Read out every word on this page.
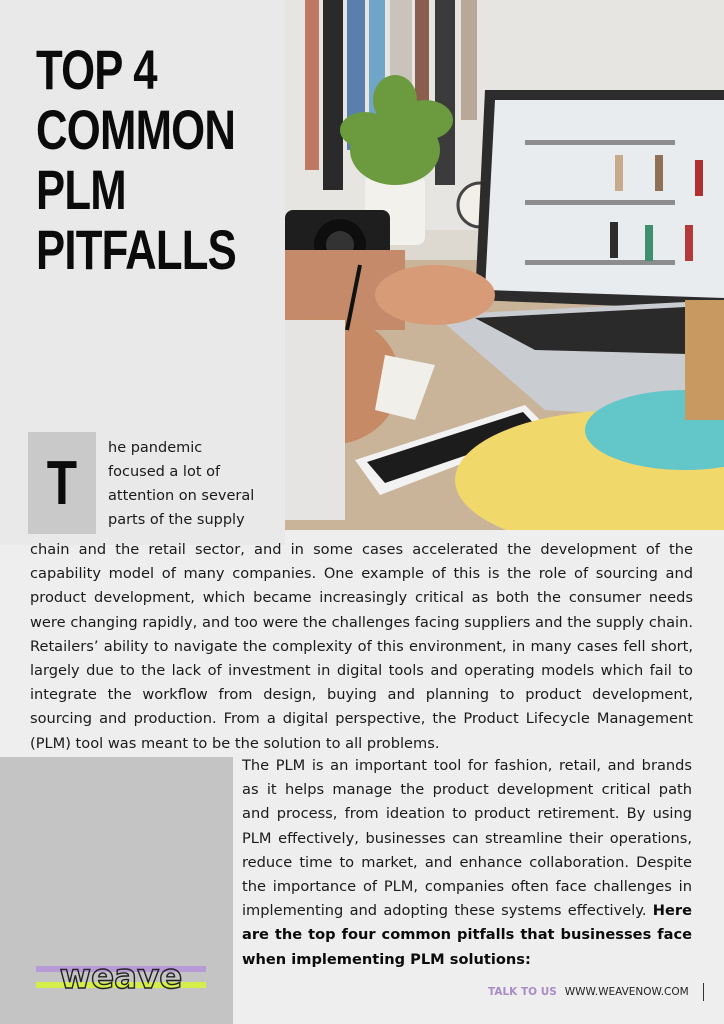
TOP 4
COMMON
PLM
PITFALLS
T
he pandemic
focused a lot of
attention on several
parts of the supply

chain and the retail sector, and in some cases accelerated the development of the capability model of many companies. One example of this is the role of sourcing and product development, which became increasingly critical as both the consumer needs were changing rapidly, and too were the challenges facing suppliers and the supply chain. Retailers’ ability to navigate the complexity of this environment, in many cases fell short, largely due to the lack of investment in digital tools and operating models which fail to integrate the workflow from design, buying and planning to product development, sourcing and production. From a digital perspective, the Product Lifecycle Management (PLM) tool was meant to be the solution to all problems.

The PLM is an important tool for fashion, retail, and brands as it helps manage the product development critical path and process, from ideation to product retirement. By using PLM effectively, businesses can streamline their operations, reduce time to market, and enhance collaboration. Despite the importance of PLM, companies often face challenges in implementing and adopting these systems effectively. Here are the top four common pitfalls that businesses face when implementing PLM solutions:

weave	TALK TO US WWW.WEAVENOW.COM
